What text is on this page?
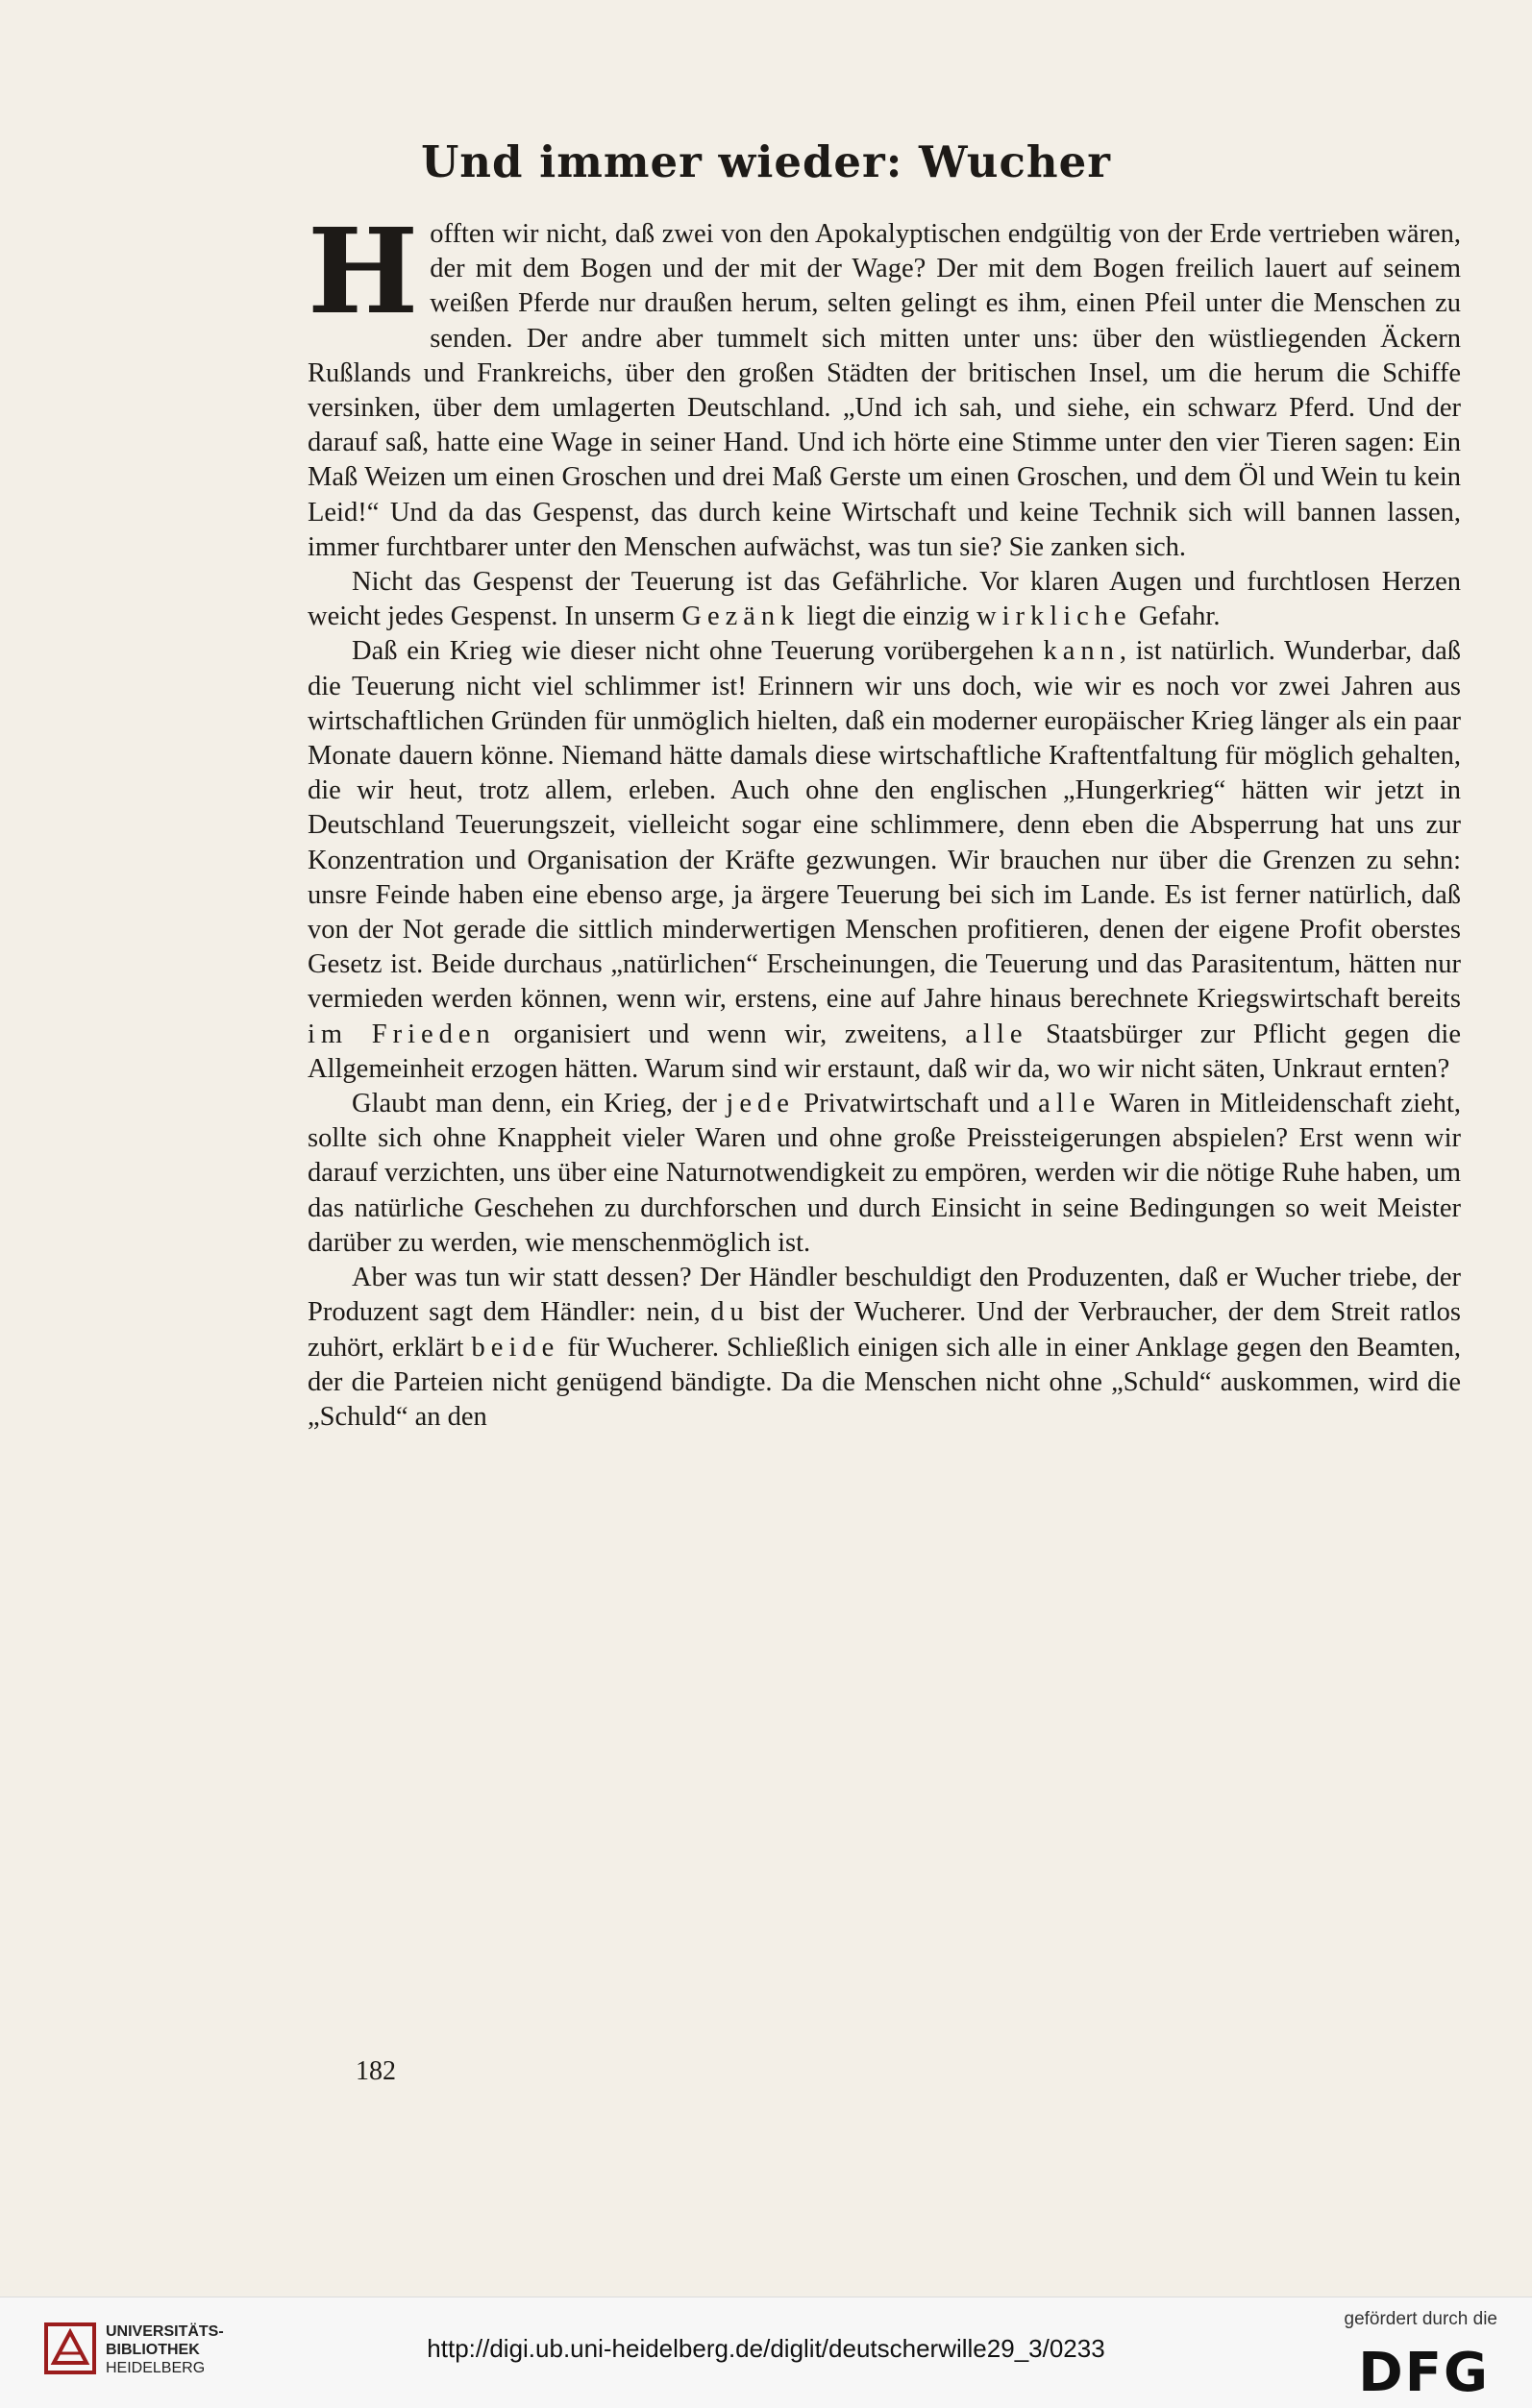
Und immer wieder: Wucher

Hofften wir nicht, daß zwei von den Apokalyptischen endgültig von der Erde vertrieben wären, der mit dem Bogen und der mit der Wage? Der mit dem Bogen freilich lauert auf seinem weißen Pferde nur draußen herum, selten gelingt es ihm, einen Pfeil unter die Menschen zu senden. Der andre aber tummelt sich mitten unter uns: über den wüstliegenden Äckern Rußlands und Frankreichs, über den großen Städten der britischen Insel, um die herum die Schiffe versinken, über dem umlagerten Deutschland. „Und ich sah, und siehe, ein schwarz Pferd. Und der darauf saß, hatte eine Wage in seiner Hand. Und ich hörte eine Stimme unter den vier Tieren sagen: Ein Maß Weizen um einen Groschen und drei Maß Gerste um einen Groschen, und dem Öl und Wein tu kein Leid!“ Und da das Gespenst, das durch keine Wirtschaft und keine Technik sich will bannen lassen, immer furchtbarer unter den Menschen aufwächst, was tun sie? Sie zanken sich.

Nicht das Gespenst der Teuerung ist das Gefährliche. Vor klaren Augen und furchtlosen Herzen weicht jedes Gespenst. In unserm Gezänk liegt die einzig wirkliche Gefahr.

Daß ein Krieg wie dieser nicht ohne Teuerung vorübergehen kann, ist natürlich. Wunderbar, daß die Teuerung nicht viel schlimmer ist! Erinnern wir uns doch, wie wir es noch vor zwei Jahren aus wirtschaftlichen Gründen für unmöglich hielten, daß ein moderner europäischer Krieg länger als ein paar Monate dauern könne. Niemand hätte damals diese wirtschaftliche Kraftentfaltung für möglich gehalten, die wir heut, trotz allem, erleben. Auch ohne den englischen „Hungerkrieg“ hätten wir jetzt in Deutschland Teuerungszeit, vielleicht sogar eine schlimmere, denn eben die Absperrung hat uns zur Konzentration und Organisation der Kräfte gezwungen. Wir brauchen nur über die Grenzen zu sehn: unsre Feinde haben eine ebenso arge, ja ärgere Teuerung bei sich im Lande. Es ist ferner natürlich, daß von der Not gerade die sittlich minderwertigen Menschen profitieren, denen der eigene Profit oberstes Gesetz ist. Beide durchaus „natürlichen“ Erscheinungen, die Teuerung und das Parasitentum, hätten nur vermieden werden können, wenn wir, erstens, eine auf Jahre hinaus berechnete Kriegswirtschaft bereits im Frieden organisiert und wenn wir, zweitens, alle Staatsbürger zur Pflicht gegen die Allgemeinheit erzogen hätten. Warum sind wir erstaunt, daß wir da, wo wir nicht säten, Unkraut ernten?

Glaubt man denn, ein Krieg, der jede Privatwirtschaft und alle Waren in Mitleidenschaft zieht, sollte sich ohne Knappheit vieler Waren und ohne große Preissteigerungen abspielen? Erst wenn wir darauf verzichten, uns über eine Naturnotwendigkeit zu empören, werden wir die nötige Ruhe haben, um das natürliche Geschehen zu durchforschen und durch Einsicht in seine Bedingungen so weit Meister darüber zu werden, wie menschenmöglich ist.

Aber was tun wir statt dessen? Der Händler beschuldigt den Produzenten, daß er Wucher triebe, der Produzent sagt dem Händler: nein, du bist der Wucherer. Und der Verbraucher, der dem Streit ratlos zuhört, erklärt beide für Wucherer. Schließlich einigen sich alle in einer Anklage gegen den Beamten, der die Parteien nicht genügend bändigte. Da die Menschen nicht ohne „Schuld“ auskommen, wird die „Schuld“ an den

182
UNIVERSITÄTS-
BIBLIOTHEK
HEIDELBERG
http://digi.ub.uni-heidelberg.de/diglit/deutscherwille29_3/0233
gefördert durch die
DFG
